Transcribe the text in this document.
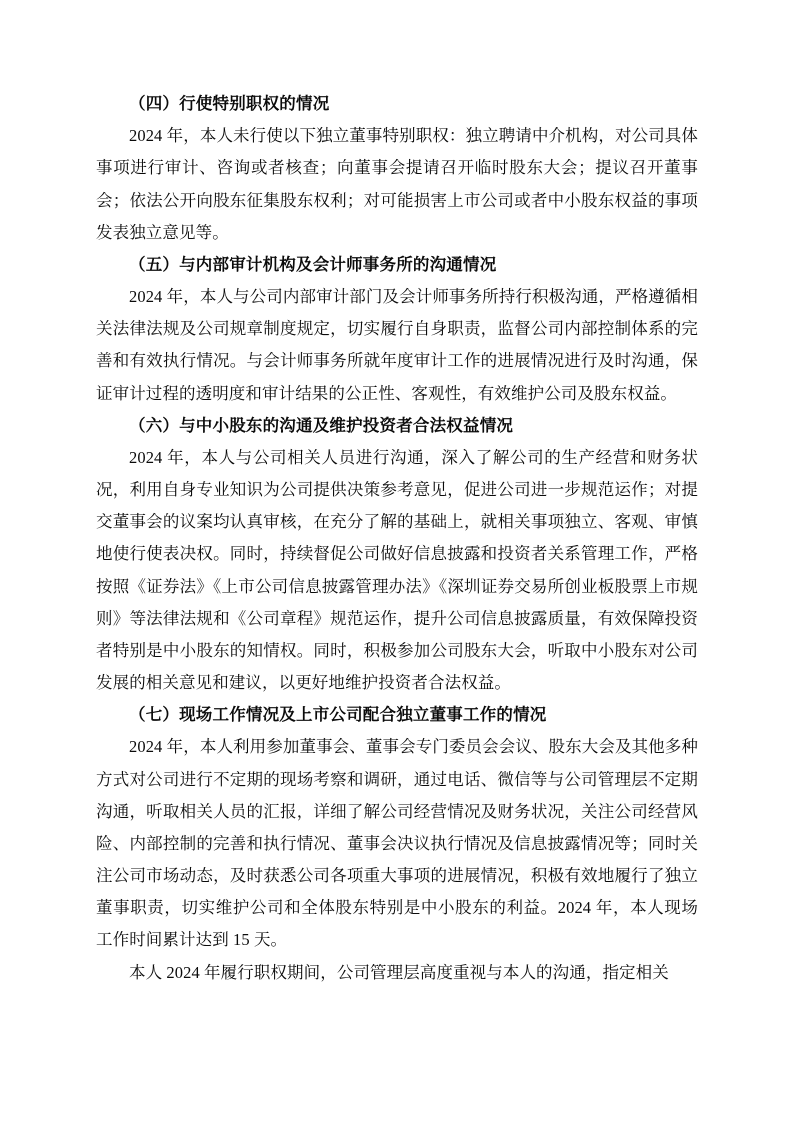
（四）行使特别职权的情况

2024 年，本人未行使以下独立董事特别职权：独立聘请中介机构，对公司具体事项进行审计、咨询或者核查；向董事会提请召开临时股东大会；提议召开董事会；依法公开向股东征集股东权利；对可能损害上市公司或者中小股东权益的事项发表独立意见等。

（五）与内部审计机构及会计师事务所的沟通情况

2024 年，本人与公司内部审计部门及会计师事务所持行积极沟通，严格遵循相关法律法规及公司规章制度规定，切实履行自身职责，监督公司内部控制体系的完善和有效执行情况。与会计师事务所就年度审计工作的进展情况进行及时沟通，保证审计过程的透明度和审计结果的公正性、客观性，有效维护公司及股东权益。

（六）与中小股东的沟通及维护投资者合法权益情况

2024 年，本人与公司相关人员进行沟通，深入了解公司的生产经营和财务状况，利用自身专业知识为公司提供决策参考意见，促进公司进一步规范运作；对提交董事会的议案均认真审核，在充分了解的基础上，就相关事项独立、客观、审慎地使行使表决权。同时，持续督促公司做好信息披露和投资者关系管理工作，严格按照《证券法》《上市公司信息披露管理办法》《深圳证券交易所创业板股票上市规则》等法律法规和《公司章程》规范运作，提升公司信息披露质量，有效保障投资者特别是中小股东的知情权。同时，积极参加公司股东大会，听取中小股东对公司发展的相关意见和建议，以更好地维护投资者合法权益。

（七）现场工作情况及上市公司配合独立董事工作的情况

2024 年，本人利用参加董事会、董事会专门委员会会议、股东大会及其他多种方式对公司进行不定期的现场考察和调研，通过电话、微信等与公司管理层不定期沟通，听取相关人员的汇报，详细了解公司经营情况及财务状况，关注公司经营风险、内部控制的完善和执行情况、董事会决议执行情况及信息披露情况等；同时关注公司市场动态，及时获悉公司各项重大事项的进展情况，积极有效地履行了独立董事职责，切实维护公司和全体股东特别是中小股东的利益。2024 年，本人现场工作时间累计达到 15 天。

本人 2024 年履行职权期间，公司管理层高度重视与本人的沟通，指定相关
